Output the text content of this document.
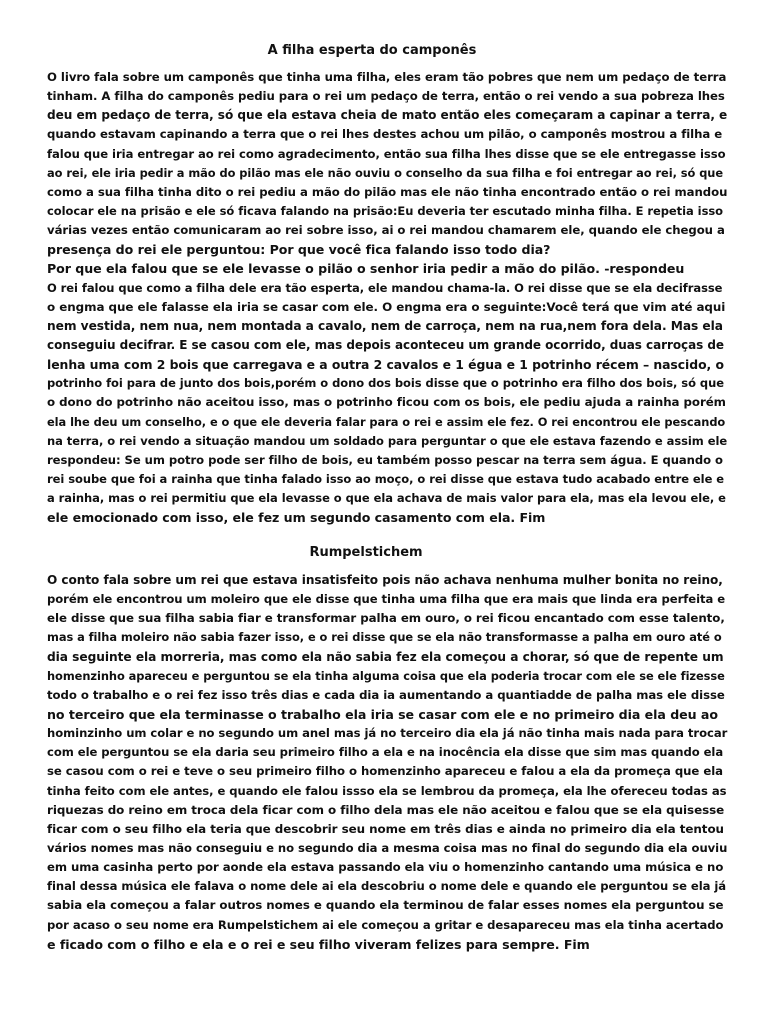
A filha esperta do camponês
O livro fala sobre um camponês que tinha uma filha, eles eram tão pobres que nem um pedaço de terra
tinham. A filha do camponês pediu para o rei um pedaço de terra, então o rei vendo a sua pobreza lhes
deu em pedaço de terra, só que ela estava cheia de mato então eles começaram a capinar a terra, e
quando estavam capinando a terra que o rei lhes destes achou um pilão, o camponês mostrou a filha e
falou que iria entregar ao rei como agradecimento, então sua filha lhes disse que se ele entregasse isso
ao rei, ele iria pedir a mão do pilão mas ele não ouviu o conselho da sua filha e foi entregar ao rei, só que
como a sua filha tinha dito o rei pediu a mão do pilão mas ele não tinha encontrado então o rei mandou
colocar ele na prisão e ele só ficava falando na prisão:Eu deveria ter escutado minha filha. E repetia isso
várias vezes então comunicaram ao rei sobre isso, ai o rei mandou chamarem ele, quando ele chegou a
presença do rei ele perguntou: Por que você fica falando isso todo dia?
Por que ela falou que se ele levasse o pilão o senhor iria pedir a mão do pilão. -respondeu
O rei falou que como a filha dele era tão esperta, ele mandou chama-la. O rei disse que se ela decifrasse
o engma que ele falasse ela iria se casar com ele. O engma era o seguinte:Você terá que vim até aqui
nem vestida, nem nua, nem montada a cavalo, nem de carroça, nem na rua,nem fora dela. Mas ela
conseguiu decifrar. E se casou com ele, mas depois aconteceu um grande ocorrido, duas carroças de
lenha uma com 2 bois que carregava e a outra 2 cavalos e 1 égua e 1 potrinho récem – nascido, o
potrinho foi para de junto dos bois,porém o dono dos bois disse que o potrinho era filho dos bois, só que
o dono do potrinho não aceitou isso, mas o potrinho ficou com os bois, ele pediu ajuda a rainha porém
ela lhe deu um conselho, e o que ele deveria falar para o rei e assim ele fez. O rei encontrou ele pescando
na terra, o rei vendo a situação mandou um soldado para perguntar o que ele estava fazendo e assim ele
respondeu: Se um potro pode ser filho de bois, eu também posso pescar na terra sem água. E quando o
rei soube que foi a rainha que tinha falado isso ao moço, o rei disse que estava tudo acabado entre ele e
a rainha, mas o rei permitiu que ela levasse o que ela achava de mais valor para ela, mas ela levou ele, e
ele emocionado com isso, ele fez um segundo casamento com ela. Fim
Rumpelstichem
O conto fala sobre um rei que estava insatisfeito pois não achava nenhuma mulher bonita no reino,
porém ele encontrou um moleiro que ele disse que tinha uma filha que era mais que linda era perfeita e
ele disse que sua filha sabia fiar e transformar palha em ouro, o rei ficou encantado com esse talento,
mas a filha moleiro não sabia fazer isso, e o rei disse que se ela não transformasse a palha em ouro até o
dia seguinte ela morreria, mas como ela não sabia fez ela começou a chorar, só que de repente um
homenzinho apareceu e perguntou se ela tinha alguma coisa que ela poderia trocar com ele se ele fizesse
todo o trabalho e o rei fez isso três dias e cada dia ia aumentando a quantiadde de palha mas ele disse
no terceiro que ela terminasse o trabalho ela iria se casar com ele e no primeiro dia ela deu ao
hominzinho um colar e no segundo um anel mas já no terceiro dia ela já não tinha mais nada para trocar
com ele perguntou se ela daria seu primeiro filho a ela e na inocência ela disse que sim mas quando ela
se casou com o rei e teve o seu primeiro filho o homenzinho apareceu e falou a ela da promeça que ela
tinha feito com ele antes, e quando ele falou issso ela se lembrou da promeça, ela lhe ofereceu todas as
riquezas do reino em troca dela ficar com o filho dela mas ele não aceitou e falou que se ela quisesse
ficar com o seu filho ela teria que descobrir seu nome em três dias e ainda no primeiro dia ela tentou
vários nomes mas não conseguiu e no segundo dia a mesma coisa mas no final do segundo dia ela ouviu
em uma casinha perto por aonde ela estava passando ela viu o homenzinho cantando uma música e no
final dessa música ele falava o nome dele ai ela descobriu o nome dele e quando ele perguntou se ela já
sabia ela começou a falar outros nomes e quando ela terminou de falar esses nomes ela perguntou se
por acaso o seu nome era Rumpelstichem ai ele começou a gritar e desapareceu mas ela tinha acertado
e ficado com o filho e ela e o rei e seu filho viveram felizes para sempre. Fim
